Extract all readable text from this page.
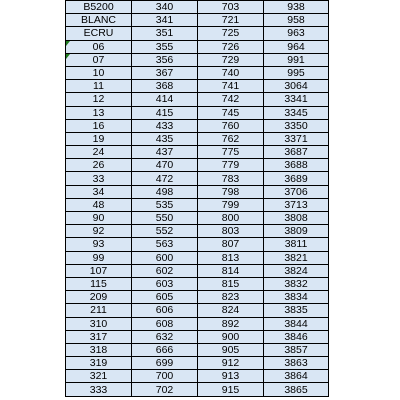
B5200	340	703	938
BLANC	341	721	958
ECRU	351	725	963
06	355	726	964
07	356	729	991
10	367	740	995
11	368	741	3064
12	414	742	3341
13	415	745	3345
16	433	760	3350
19	435	762	3371
24	437	775	3687
26	470	779	3688
33	472	783	3689
34	498	798	3706
48	535	799	3713
90	550	800	3808
92	552	803	3809
93	563	807	3811
99	600	813	3821
107	602	814	3824
115	603	815	3832
209	605	823	3834
211	606	824	3835
310	608	892	3844
317	632	900	3846
318	666	905	3857
319	699	912	3863
321	700	913	3864
333	702	915	3865
